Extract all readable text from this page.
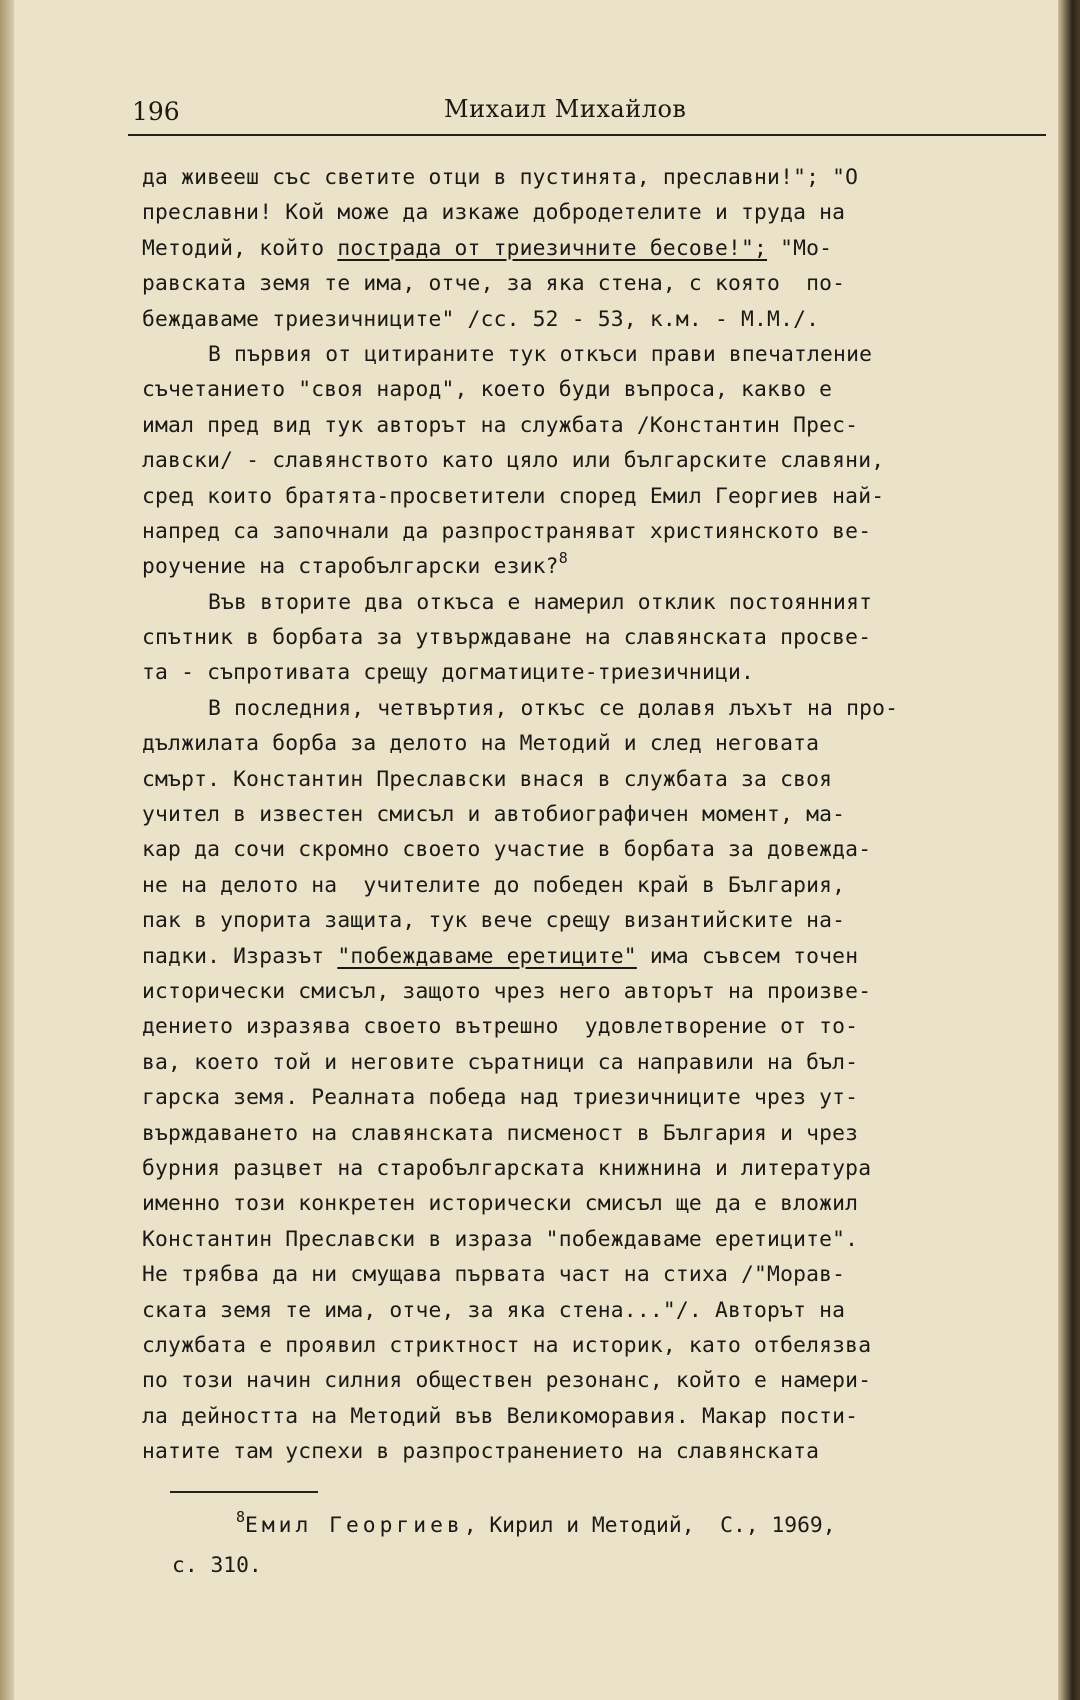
196	Михаил Михайлов
да живееш със светите отци в пустинята, преславни!"; "О
преславни! Кой може да изкаже добродетелите и труда на
Методий, който пострада от триезичните бесове!"; "Мо-
равската земя те има, отче, за яка стена, с която  по-
беждаваме триезичниците" /сс. 52 - 53, к.м. - М.М./.
В първия от цитираните тук откъси прави впечатление
съчетанието "своя народ", което буди въпроса, какво е
имал пред вид тук авторът на службата /Константин Прес-
лавски/ - славянството като цяло или българските славяни,
сред които братята-просветители според Емил Георгиев най-
напред са започнали да разпространяват християнското ве-
роучение на старобългарски език?$^8$
Във вторите два откъса е намерил отклик постоянният
спътник в борбата за утвърждаване на славянската просве-
та - съпротивата срещу догматиците-триезичници.
В последния, четвъртия, откъс се долавя лъхът на про-
дължилата борба за делото на Методий и след неговата
смърт. Константин Преславски внася в службата за своя
учител в известен смисъл и автобиографичен момент, ма-
кар да сочи скромно своето участие в борбата за довежда-
не на делото на  учителите до победен край в България,
пак в упорита защита, тук вече срещу византийските на-
падки. Изразът "побеждаваме еретиците" има съвсем точен
исторически смисъл, защото чрез него авторът на произве-
дението изразява своето вътрешно  удовлетворение от то-
ва, което той и неговите съратници са направили на бъл-
гарска земя. Реалната победа над триезичниците чрез ут-
върждаването на славянската писменост в България и чрез
бурния разцвет на старобългарската книжнина и литература
именно този конкретен исторически смисъл ще да е вложил
Константин Преславски в израза "побеждаваме еретиците".
Не трябва да ни смущава първата част на стиха /"Морав-
ската земя те има, отче, за яка стена..."/. Авторът на
службата е проявил стриктност на историк, като отбелязва
по този начин силния обществен резонанс, който е намери-
ла дейността на Методий във Великоморавия. Макар пости-
натите там успехи в разпространението на славянската
$^8$Емил Георгиев, Кирил и Методий,  С., 1969,
с. 310.
